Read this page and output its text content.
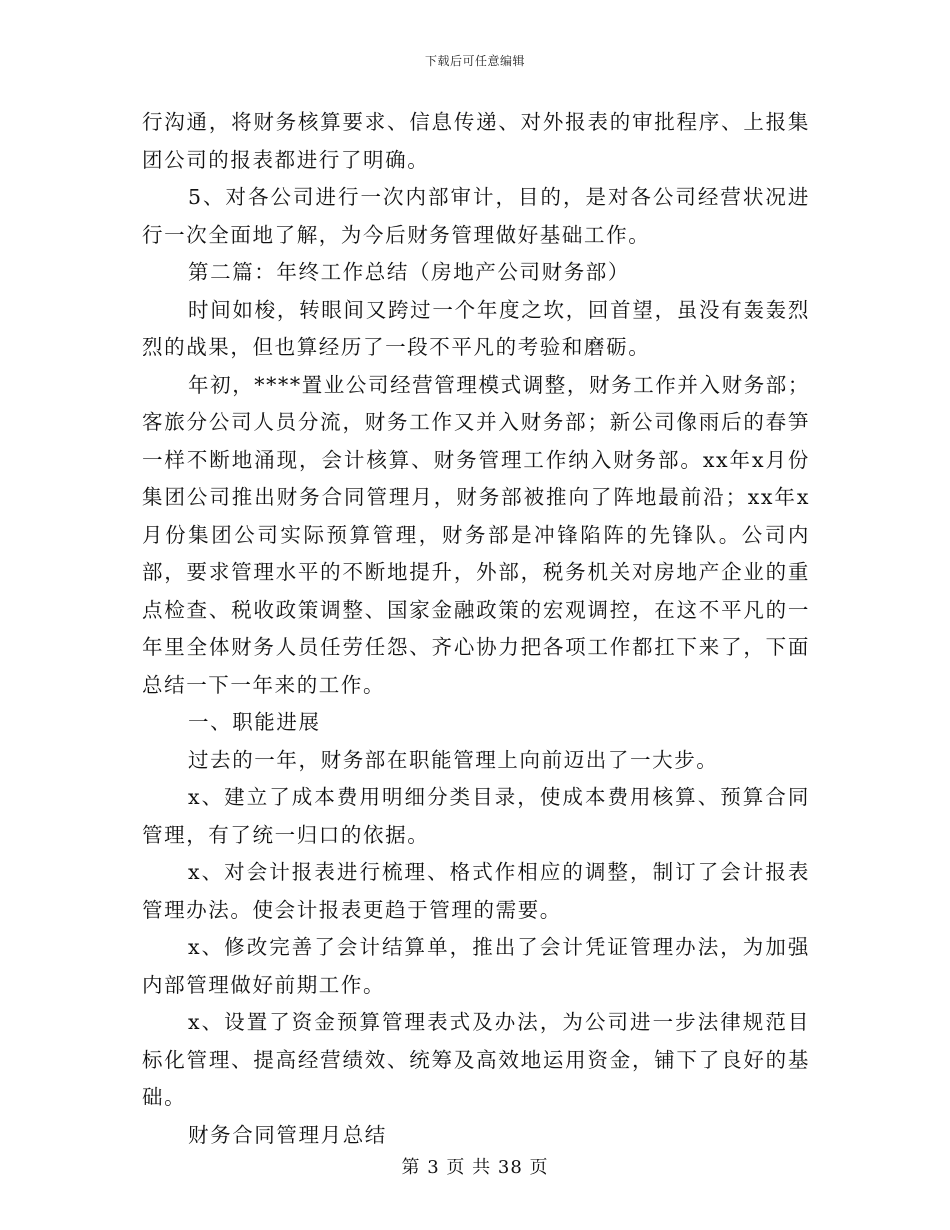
下载后可任意编辑

行沟通，将财务核算要求、信息传递、对外报表的审批程序、上报集团公司的报表都进行了明确。

5、对各公司进行一次内部审计，目的，是对各公司经营状况进行一次全面地了解，为今后财务管理做好基础工作。

第二篇：年终工作总结（房地产公司财务部）

时间如梭，转眼间又跨过一个年度之坎，回首望，虽没有轰轰烈烈的战果，但也算经历了一段不平凡的考验和磨砺。

年初，****置业公司经营管理模式调整，财务工作并入财务部；客旅分公司人员分流，财务工作又并入财务部；新公司像雨后的春笋一样不断地涌现，会计核算、财务管理工作纳入财务部。xx年x月份集团公司推出财务合同管理月，财务部被推向了阵地最前沿；xx年x月份集团公司实际预算管理，财务部是冲锋陷阵的先锋队。公司内部，要求管理水平的不断地提升，外部，税务机关对房地产企业的重点检查、税收政策调整、国家金融政策的宏观调控，在这不平凡的一年里全体财务人员任劳任怨、齐心协力把各项工作都扛下来了，下面总结一下一年来的工作。

一、职能进展

过去的一年，财务部在职能管理上向前迈出了一大步。

x、建立了成本费用明细分类目录，使成本费用核算、预算合同管理，有了统一归口的依据。

x、对会计报表进行梳理、格式作相应的调整，制订了会计报表管理办法。使会计报表更趋于管理的需要。

x、修改完善了会计结算单，推出了会计凭证管理办法，为加强内部管理做好前期工作。

x、设置了资金预算管理表式及办法，为公司进一步法律规范目标化管理、提高经营绩效、统筹及高效地运用资金，铺下了良好的基础。

财务合同管理月总结

第 3 页 共 38 页
